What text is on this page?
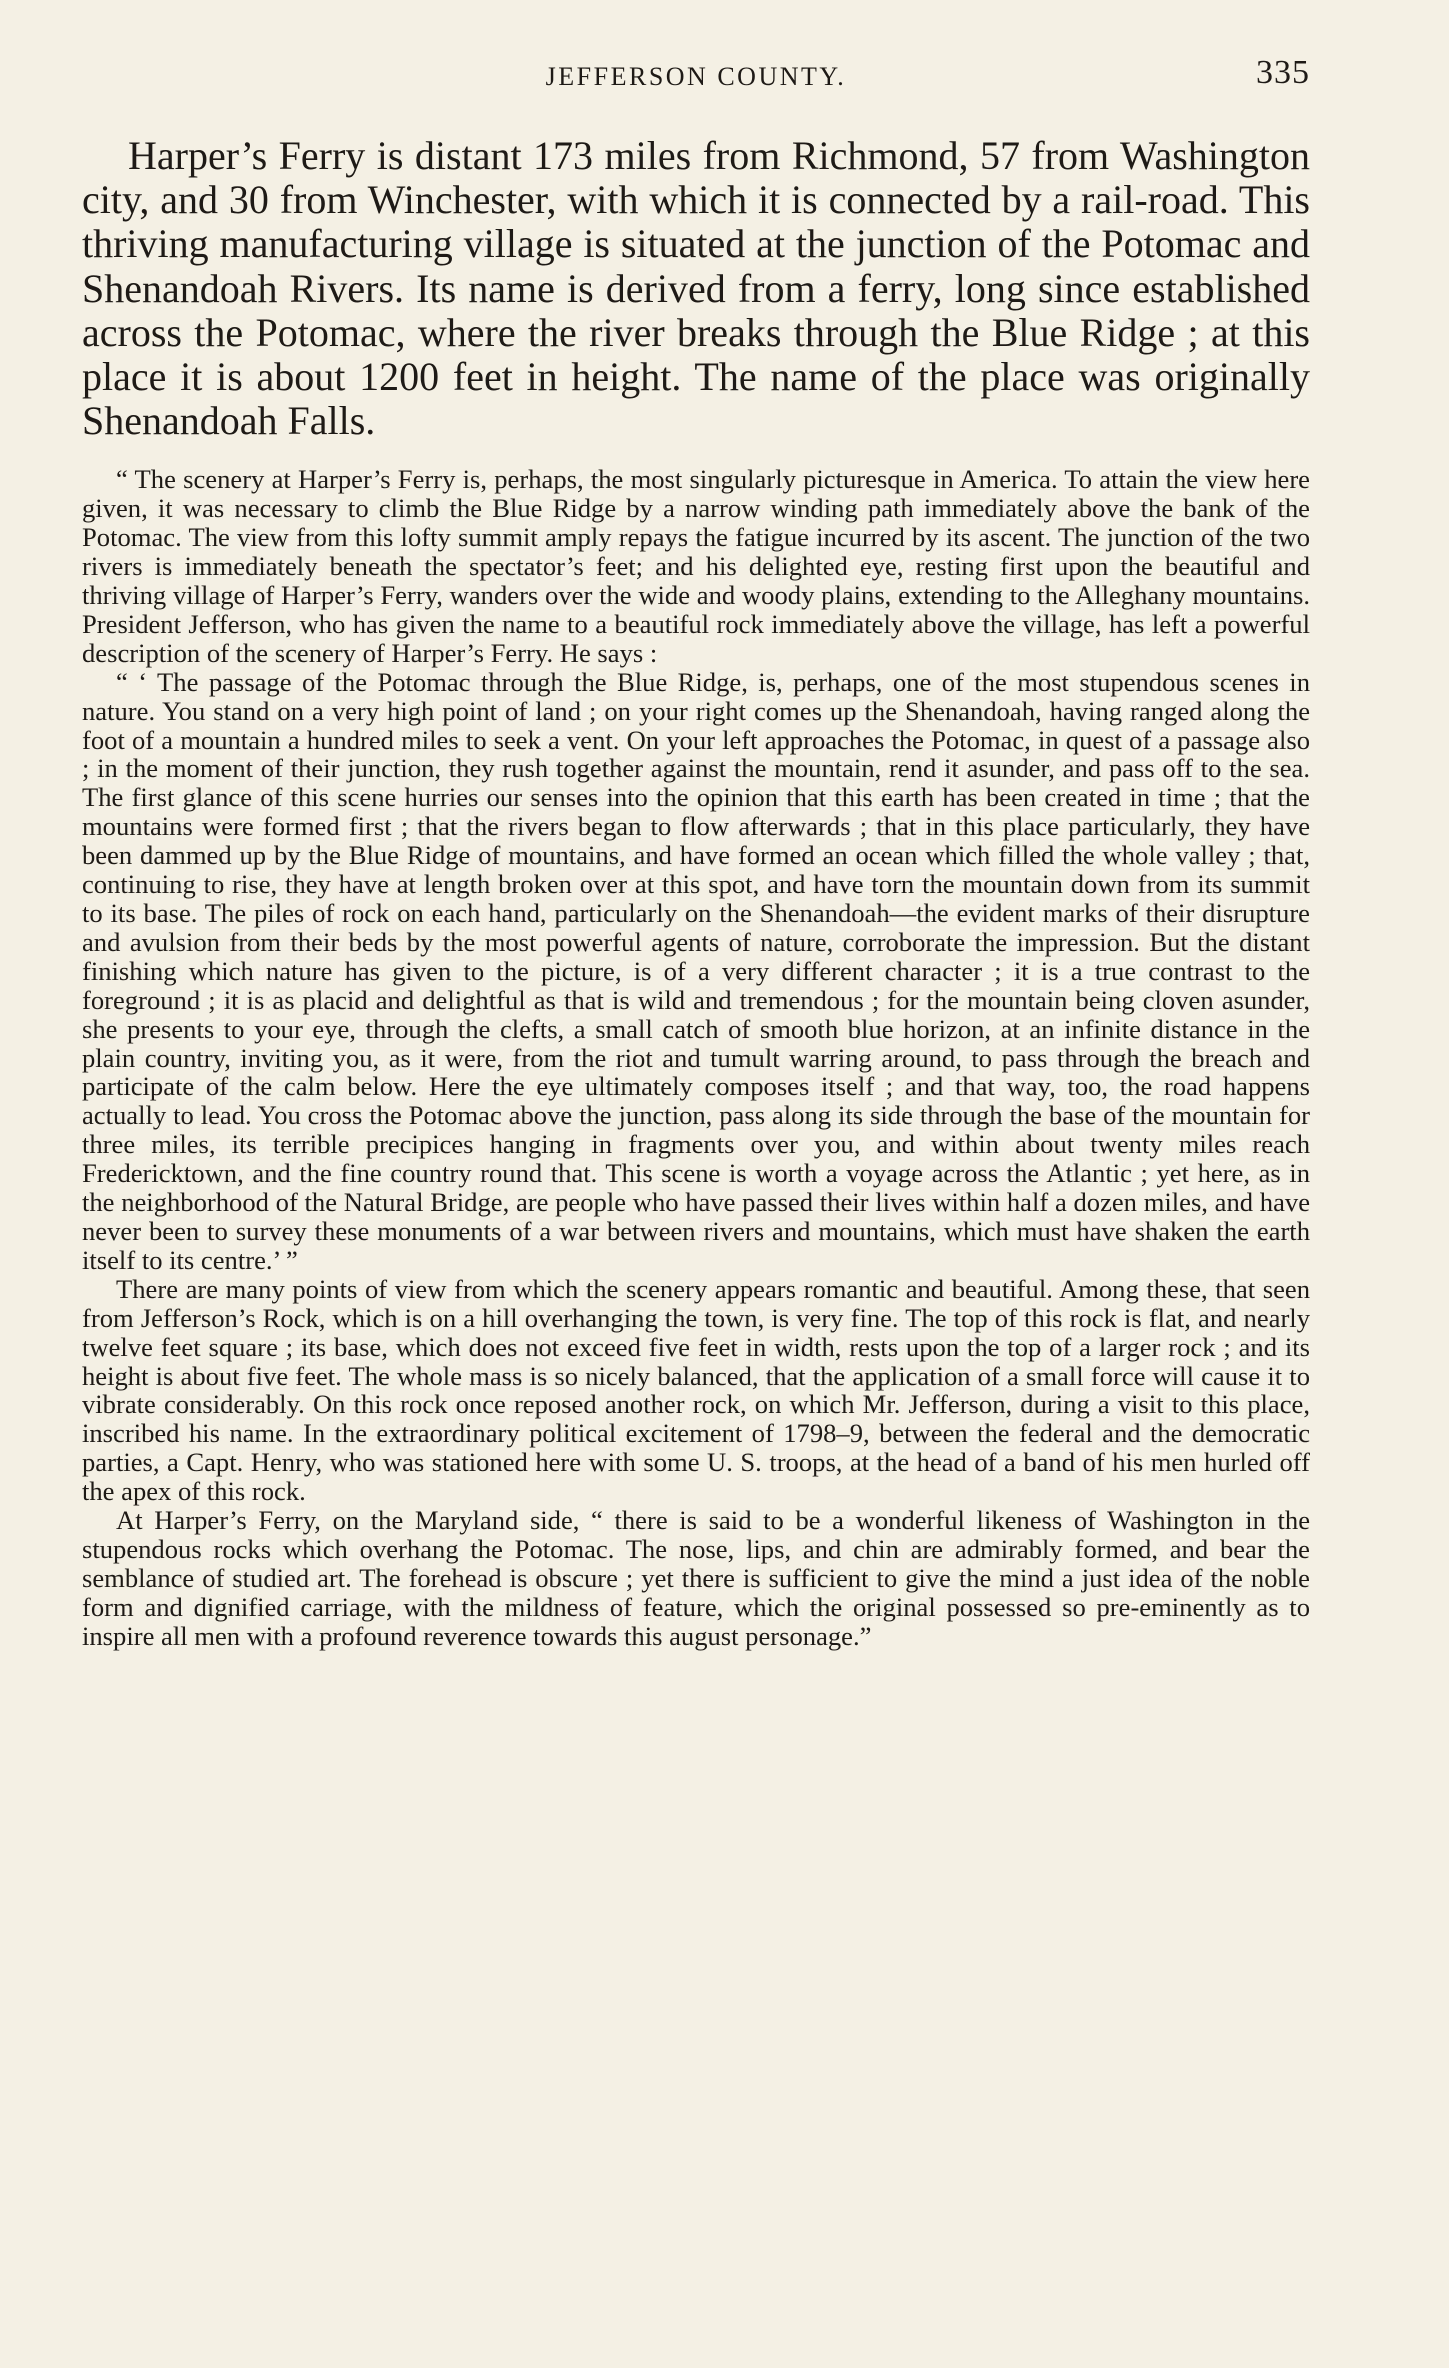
JEFFERSON COUNTY.	335

Harper’s Ferry is distant 173 miles from Richmond, 57 from Washington city, and 30 from Winchester, with which it is connected by a rail-road. This thriving manufacturing village is situated at the junction of the Potomac and Shenandoah Rivers. Its name is derived from a ferry, long since established across the Potomac, where the river breaks through the Blue Ridge ; at this place it is about 1200 feet in height. The name of the place was originally Shenandoah Falls.

“ The scenery at Harper’s Ferry is, perhaps, the most singularly picturesque in America. To attain the view here given, it was necessary to climb the Blue Ridge by a narrow winding path immediately above the bank of the Potomac. The view from this lofty summit amply repays the fatigue incurred by its ascent. The junction of the two rivers is immediately beneath the spectator’s feet; and his delighted eye, resting first upon the beautiful and thriving village of Harper’s Ferry, wanders over the wide and woody plains, extending to the Alleghany mountains. President Jefferson, who has given the name to a beautiful rock immediately above the village, has left a powerful description of the scenery of Harper’s Ferry. He says :

“ ‘ The passage of the Potomac through the Blue Ridge, is, perhaps, one of the most stupendous scenes in nature. You stand on a very high point of land ; on your right comes up the Shenandoah, having ranged along the foot of a mountain a hundred miles to seek a vent. On your left approaches the Potomac, in quest of a passage also ; in the moment of their junction, they rush together against the mountain, rend it asunder, and pass off to the sea. The first glance of this scene hurries our senses into the opinion that this earth has been created in time ; that the mountains were formed first ; that the rivers began to flow afterwards ; that in this place particularly, they have been dammed up by the Blue Ridge of mountains, and have formed an ocean which filled the whole valley ; that, continuing to rise, they have at length broken over at this spot, and have torn the mountain down from its summit to its base. The piles of rock on each hand, particularly on the Shenandoah—the evident marks of their disrupture and avulsion from their beds by the most powerful agents of nature, corroborate the impression. But the distant finishing which nature has given to the picture, is of a very different character ; it is a true contrast to the foreground ; it is as placid and delightful as that is wild and tremendous ; for the mountain being cloven asunder, she presents to your eye, through the clefts, a small catch of smooth blue horizon, at an infinite distance in the plain country, inviting you, as it were, from the riot and tumult warring around, to pass through the breach and participate of the calm below. Here the eye ultimately composes itself ; and that way, too, the road happens actually to lead. You cross the Potomac above the junction, pass along its side through the base of the mountain for three miles, its terrible precipices hanging in fragments over you, and within about twenty miles reach Fredericktown, and the fine country round that. This scene is worth a voyage across the Atlantic ; yet here, as in the neighborhood of the Natural Bridge, are people who have passed their lives within half a dozen miles, and have never been to survey these monuments of a war between rivers and mountains, which must have shaken the earth itself to its centre.’ ”

There are many points of view from which the scenery appears romantic and beautiful. Among these, that seen from Jefferson’s Rock, which is on a hill overhanging the town, is very fine. The top of this rock is flat, and nearly twelve feet square ; its base, which does not exceed five feet in width, rests upon the top of a larger rock ; and its height is about five feet. The whole mass is so nicely balanced, that the application of a small force will cause it to vibrate considerably. On this rock once reposed another rock, on which Mr. Jefferson, during a visit to this place, inscribed his name. In the extraordinary political excitement of 1798–9, between the federal and the democratic parties, a Capt. Henry, who was stationed here with some U. S. troops, at the head of a band of his men hurled off the apex of this rock.

At Harper’s Ferry, on the Maryland side, “ there is said to be a wonderful likeness of Washington in the stupendous rocks which overhang the Potomac. The nose, lips, and chin are admirably formed, and bear the semblance of studied art. The forehead is obscure ; yet there is sufficient to give the mind a just idea of the noble form and dignified carriage, with the mildness of feature, which the original possessed so pre-eminently as to inspire all men with a profound reverence towards this august personage.”
